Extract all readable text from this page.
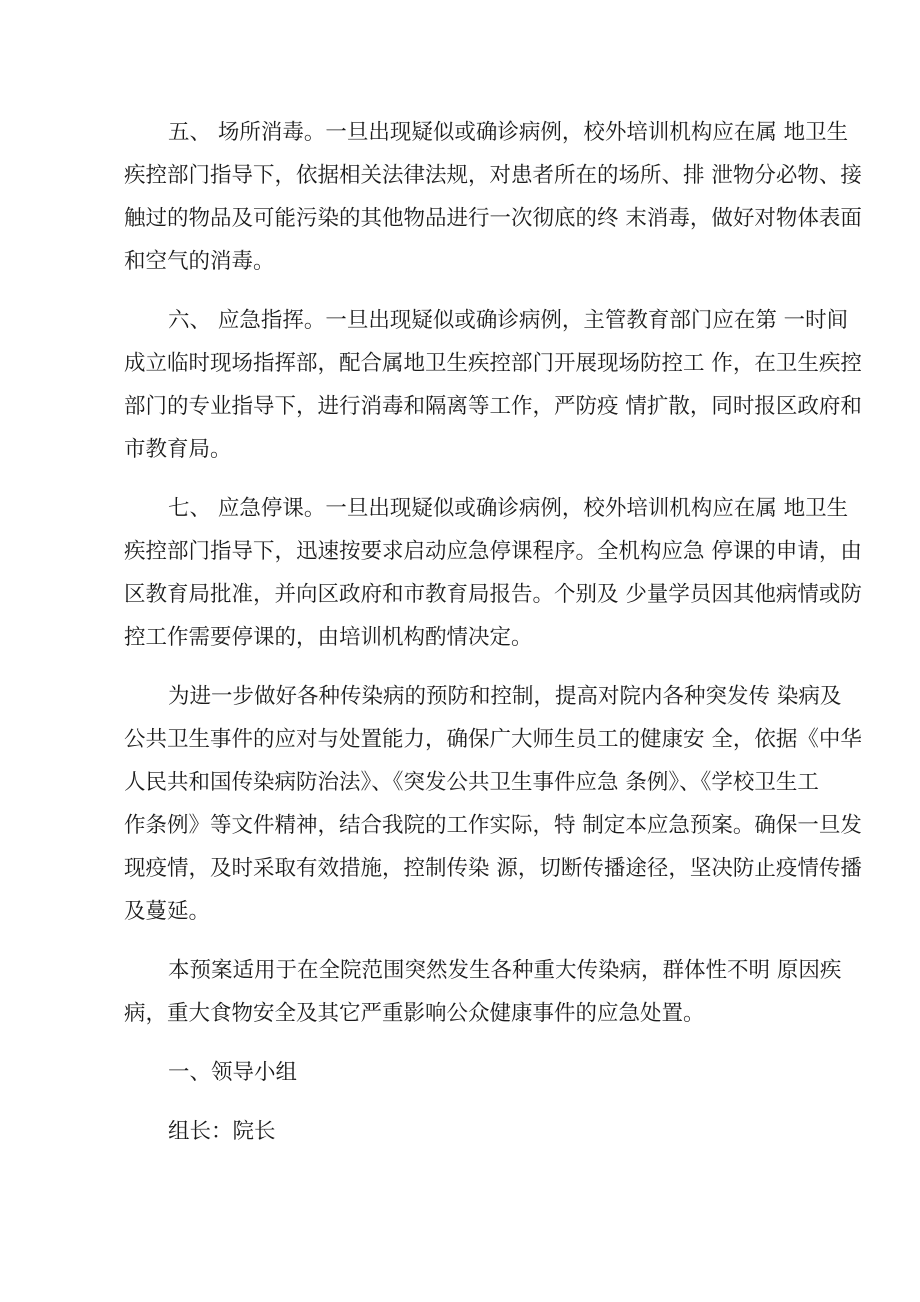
五、 场所消毒。一旦出现疑似或确诊病例，校外培训机构应在属 地卫生
疾控部门指导下，依据相关法律法规，对患者所在的场所、排 泄物分必物、接
触过的物品及可能污染的其他物品进行一次彻底的终 末消毒，做好对物体表面
和空气的消毒。
六、 应急指挥。一旦出现疑似或确诊病例，主管教育部门应在第 一时间
成立临时现场指挥部，配合属地卫生疾控部门开展现场防控工 作，在卫生疾控
部门的专业指导下，进行消毒和隔离等工作，严防疫 情扩散，同时报区政府和
市教育局。
七、 应急停课。一旦出现疑似或确诊病例，校外培训机构应在属 地卫生
疾控部门指导下，迅速按要求启动应急停课程序。全机构应急 停课的申请，由
区教育局批准，并向区政府和市教育局报告。个别及 少量学员因其他病情或防
控工作需要停课的，由培训机构酌情决定。
为进一步做好各种传染病的预防和控制，提高对院内各种突发传 染病及
公共卫生事件的应对与处置能力，确保广大师生员工的健康安 全，依据《中华
人民共和国传染病防治法》、《突发公共卫生事件应急 条例》、《学校卫生工
作条例》等文件精神，结合我院的工作实际，特 制定本应急预案。确保一旦发
现疫情，及时采取有效措施，控制传染 源，切断传播途径，坚决防止疫情传播
及蔓延。
本预案适用于在全院范围突然发生各种重大传染病，群体性不明 原因疾
病，重大食物安全及其它严重影响公众健康事件的应急处置。
一、领导小组
组长：院长
